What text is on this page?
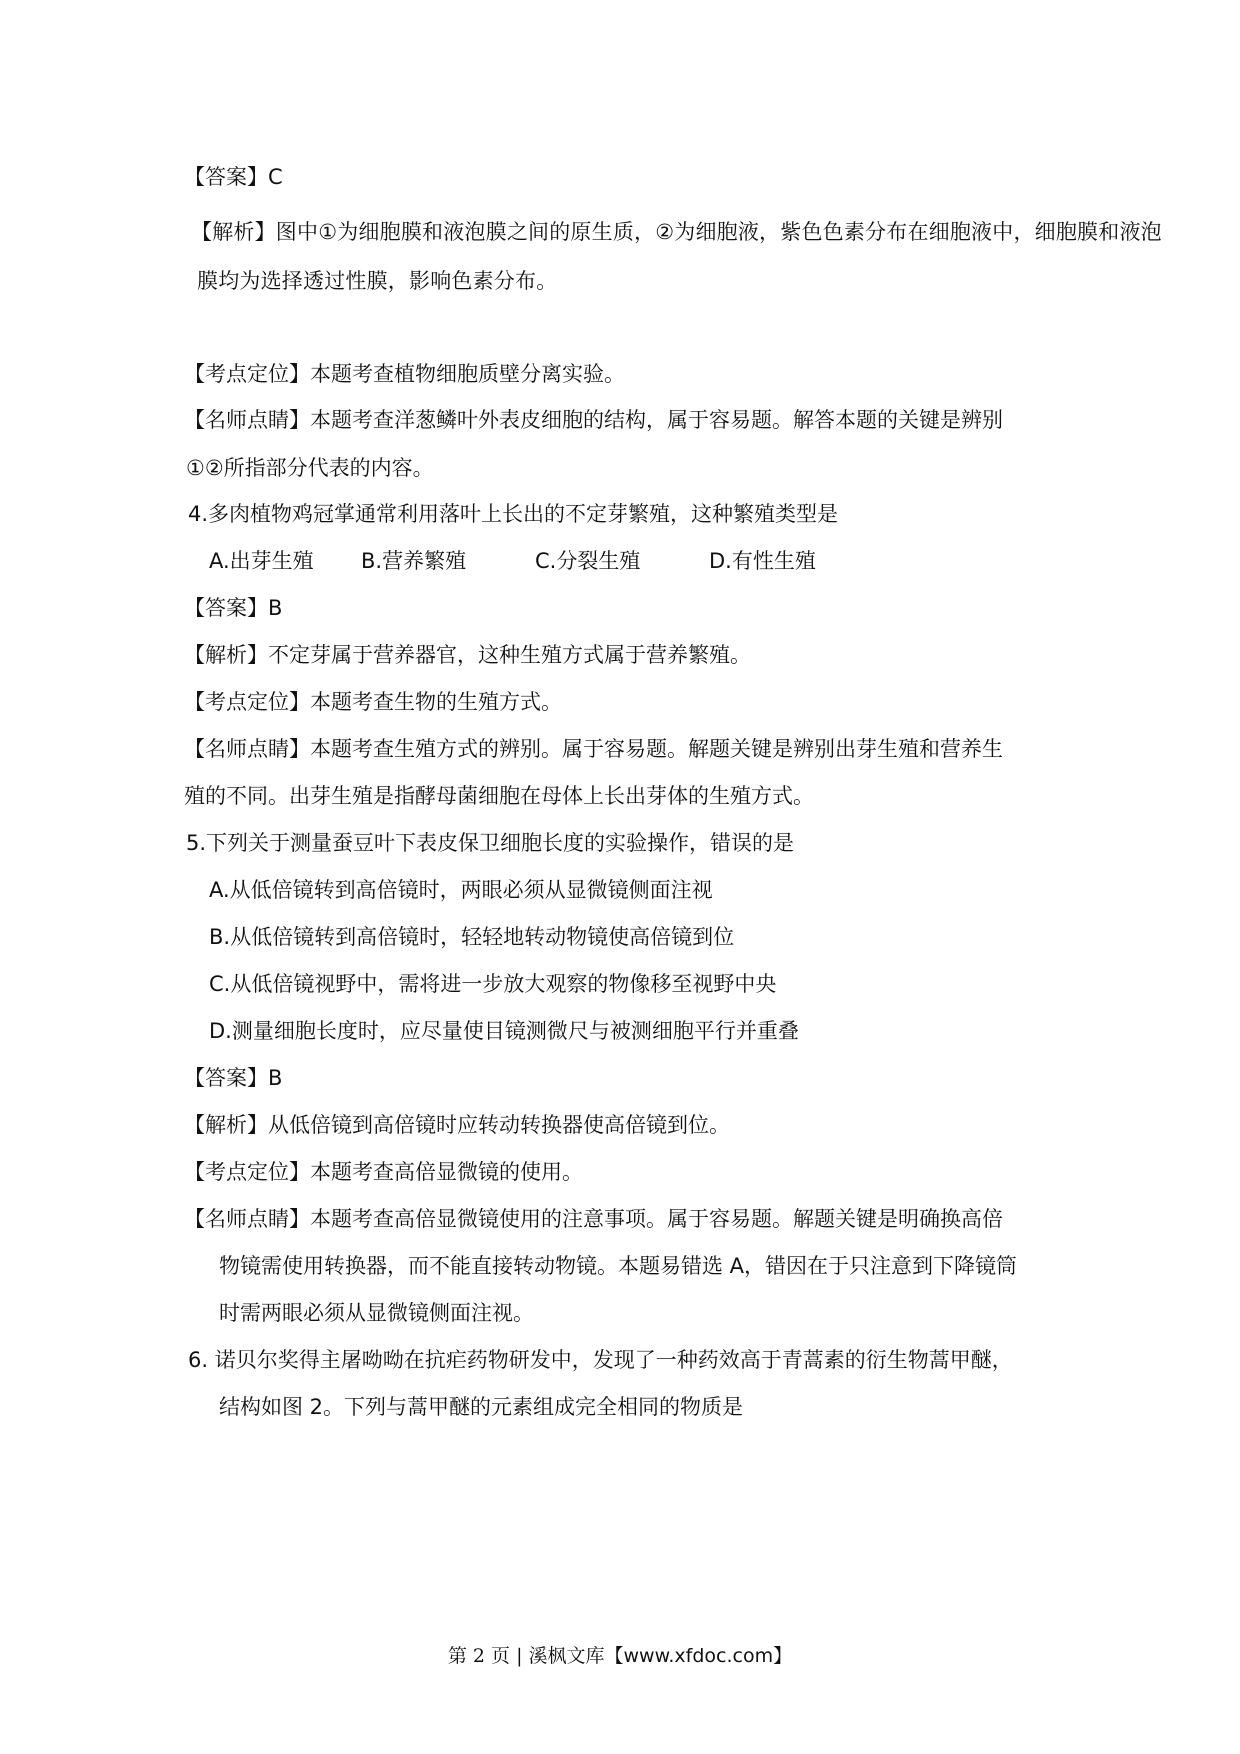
【答案】C
【解析】图中①为细胞膜和液泡膜之间的原生质，②为细胞液，紫色色素分布在细胞液中，细胞膜和液泡
膜均为选择透过性膜，影响色素分布。
【考点定位】本题考查植物细胞质壁分离实验。
【名师点睛】本题考查洋葱鳞叶外表皮细胞的结构，属于容易题。解答本题的关键是辨别
①②所指部分代表的内容。
4.多肉植物鸡冠掌通常利用落叶上长出的不定芽繁殖，这种繁殖类型是
A.出芽生殖 B.营养繁殖	C.分裂生殖	D.有性生殖
【答案】B
【解析】不定芽属于营养器官，这种生殖方式属于营养繁殖。
【考点定位】本题考查生物的生殖方式。
【名师点睛】本题考查生殖方式的辨别。属于容易题。解题关键是辨别出芽生殖和营养生
殖的不同。出芽生殖是指酵母菌细胞在母体上长出芽体的生殖方式。
5.下列关于测量蚕豆叶下表皮保卫细胞长度的实验操作，错误的是
A.从低倍镜转到高倍镜时，两眼必须从显微镜侧面注视
B.从低倍镜转到高倍镜时，轻轻地转动物镜使高倍镜到位
C.从低倍镜视野中，需将进一步放大观察的物像移至视野中央
D.测量细胞长度时，应尽量使目镜测微尺与被测细胞平行并重叠
【答案】B
【解析】从低倍镜到高倍镜时应转动转换器使高倍镜到位。
【考点定位】本题考查高倍显微镜的使用。
【名师点睛】本题考查高倍显微镜使用的注意事项。属于容易题。解题关键是明确换高倍
物镜需使用转换器，而不能直接转动物镜。本题易错选 A，错因在于只注意到下降镜筒
时需两眼必须从显微镜侧面注视。
6. 诺贝尔奖得主屠呦呦在抗疟药物研发中，发现了一种药效高于青蒿素的衍生物蒿甲醚，
结构如图 2。下列与蒿甲醚的元素组成完全相同的物质是
第 2 页 | 溪枫文库【www.xfdoc.com】
